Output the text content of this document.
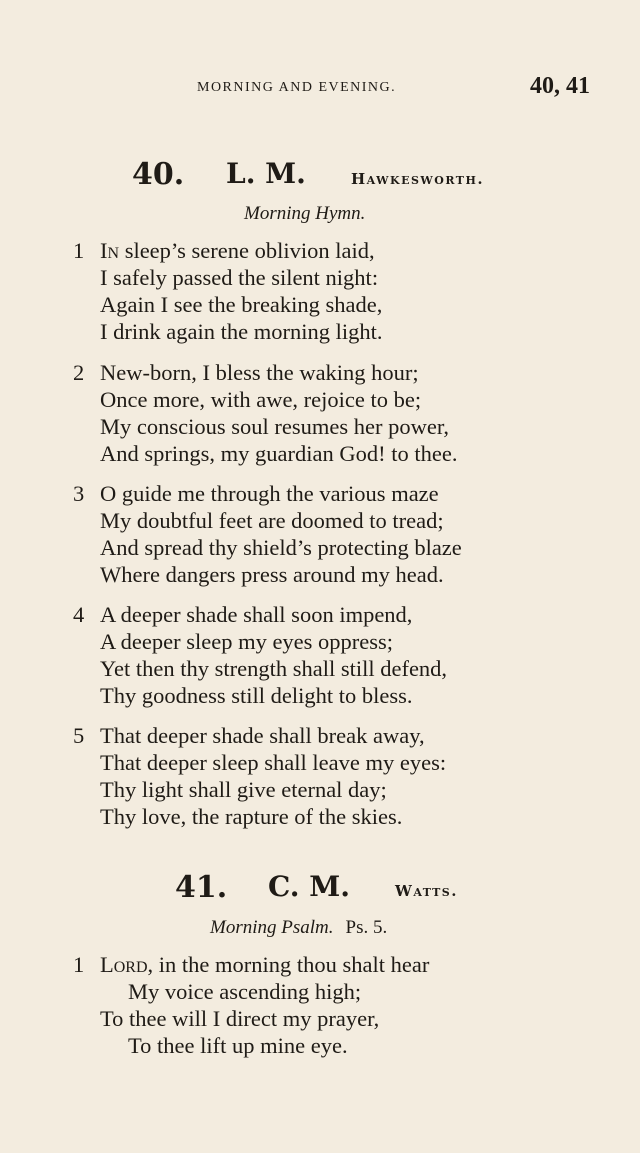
MORNING AND EVENING.	40, 41
40. L. M.	Hawkesworth.
Morning Hymn.
1 In sleep’s serene oblivion laid,
I safely passed the silent night:
Again I see the breaking shade,
I drink again the morning light.
2 New-born, I bless the waking hour;
Once more, with awe, rejoice to be;
My conscious soul resumes her power,
And springs, my guardian God! to thee.
3 O guide me through the various maze
My doubtful feet are doomed to tread;
And spread thy shield’s protecting blaze
Where dangers press around my head.
4 A deeper shade shall soon impend,
A deeper sleep my eyes oppress;
Yet then thy strength shall still defend,
Thy goodness still delight to bless.
5 That deeper shade shall break away,
That deeper sleep shall leave my eyes:
Thy light shall give eternal day;
Thy love, the rapture of the skies.
41. C. M.	Watts.
Morning Psalm. Ps. 5.
1 Lord, in the morning thou shalt hear
My voice ascending high;
To thee will I direct my prayer,
To thee lift up mine eye.
